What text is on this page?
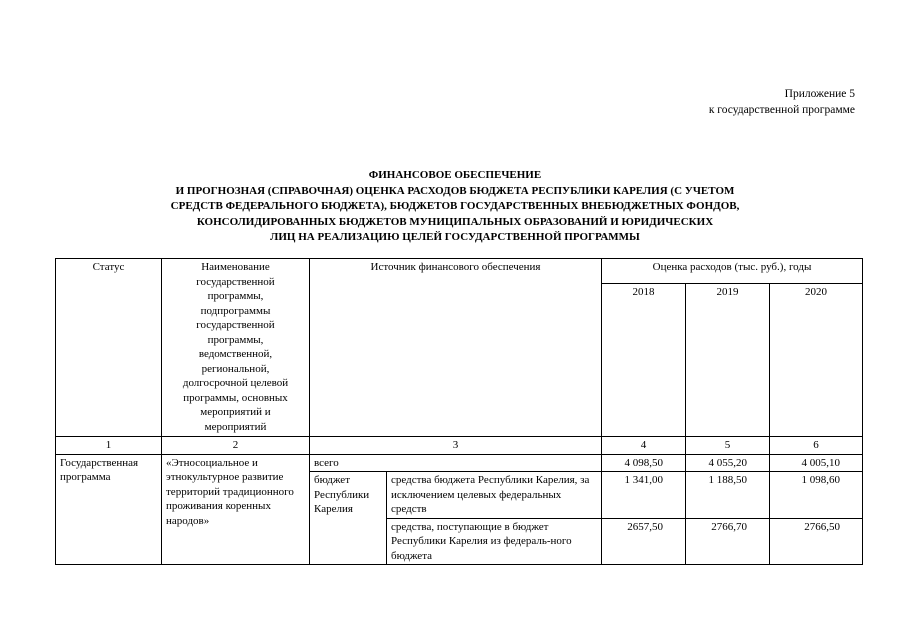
Приложение 5
к государственной программе
ФИНАНСОВОЕ ОБЕСПЕЧЕНИЕ
И ПРОГНОЗНАЯ (СПРАВОЧНАЯ) ОЦЕНКА РАСХОДОВ БЮДЖЕТА РЕСПУБЛИКИ КАРЕЛИЯ (С УЧЕТОМ
СРЕДСТВ ФЕДЕРАЛЬНОГО БЮДЖЕТА), БЮДЖЕТОВ ГОСУДАРСТВЕННЫХ ВНЕБЮДЖЕТНЫХ ФОНДОВ,
КОНСОЛИДИРОВАННЫХ БЮДЖЕТОВ МУНИЦИПАЛЬНЫХ ОБРАЗОВАНИЙ И ЮРИДИЧЕСКИХ
ЛИЦ НА РЕАЛИЗАЦИЮ ЦЕЛЕЙ ГОСУДАРСТВЕННОЙ ПРОГРАММЫ
Статус	Наименование государственной программы, подпрограммы государственной программы, ведомственной, региональной, долгосрочной целевой программы, основных мероприятий и мероприятий	Источник финансового обеспечения		Оценка расходов (тыс. руб.), годы		
				2018	2019	2020
1	2	3		4	5	6
Государственная программа	«Этносоциальное и этнокультурное развитие территорий традиционного проживания коренных народов»	всего		4 098,50	4 055,20	4 005,10
		бюджет Республики Карелия	средства бюджета Республики Карелия, за исключением целевых федеральных средств	1 341,00	1 188,50	1 098,60
			средства, поступающие в бюджет Республики Карелия из федераль-ного бюджета	2657,50	2766,70	2766,50
